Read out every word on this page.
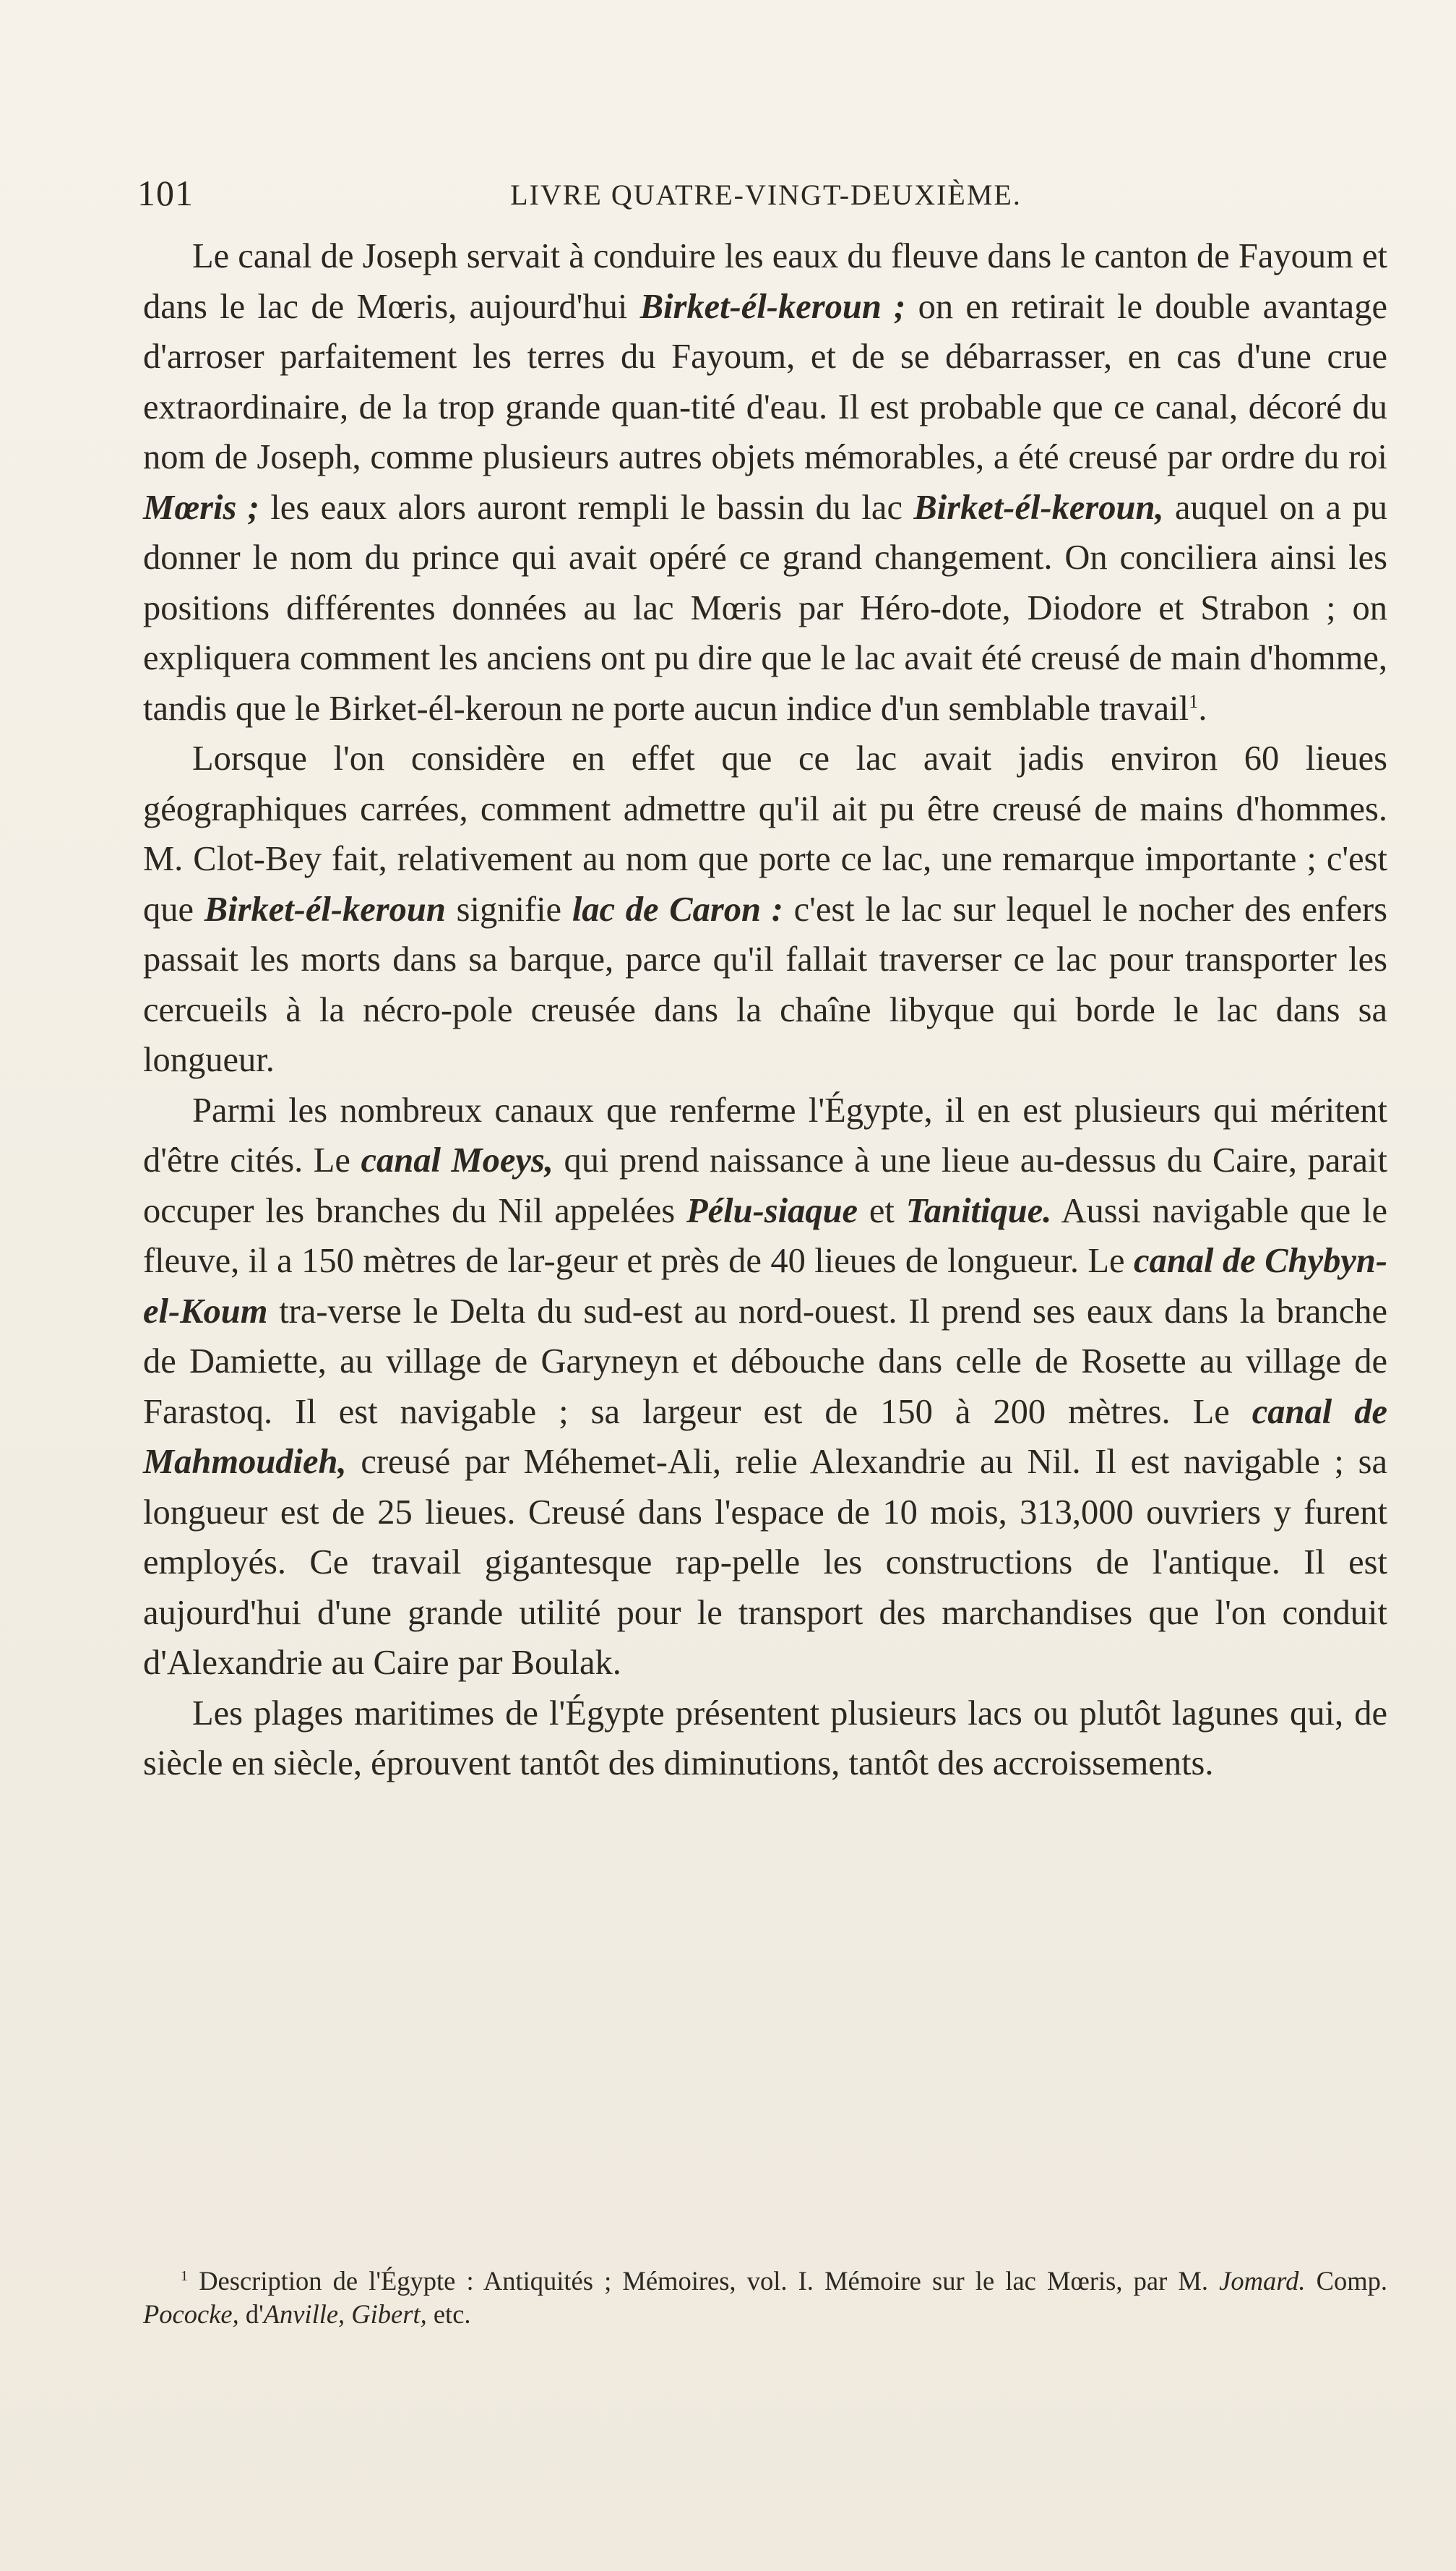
101	LIVRE QUATRE-VINGT-DEUXIÈME.

Le canal de Joseph servait à conduire les eaux du fleuve dans le canton de Fayoum et dans le lac de Mœris, aujourd'hui Birket-él-keroun ; on en retirait le double avantage d'arroser parfaitement les terres du Fayoum, et de se débarrasser, en cas d'une crue extraordinaire, de la trop grande quan-tité d'eau. Il est probable que ce canal, décoré du nom de Joseph, comme plusieurs autres objets mémorables, a été creusé par ordre du roi Mœris ; les eaux alors auront rempli le bassin du lac Birket-él-keroun, auquel on a pu donner le nom du prince qui avait opéré ce grand changement. On conciliera ainsi les positions différentes données au lac Mœris par Héro-dote, Diodore et Strabon ; on expliquera comment les anciens ont pu dire que le lac avait été creusé de main d'homme, tandis que le Birket-él-keroun ne porte aucun indice d'un semblable travail$^1$.

Lorsque l'on considère en effet que ce lac avait jadis environ 60 lieues géographiques carrées, comment admettre qu'il ait pu être creusé de mains d'hommes. M. Clot-Bey fait, relativement au nom que porte ce lac, une remarque importante ; c'est que Birket-él-keroun signifie lac de Caron : c'est le lac sur lequel le nocher des enfers passait les morts dans sa barque, parce qu'il fallait traverser ce lac pour transporter les cercueils à la nécro-pole creusée dans la chaîne libyque qui borde le lac dans sa longueur.

Parmi les nombreux canaux que renferme l'Égypte, il en est plusieurs qui méritent d'être cités. Le canal Moeys, qui prend naissance à une lieue au-dessus du Caire, parait occuper les branches du Nil appelées Pélu-siaque et Tanitique. Aussi navigable que le fleuve, il a 150 mètres de lar-geur et près de 40 lieues de longueur. Le canal de Chybyn-el-Koum tra-verse le Delta du sud-est au nord-ouest. Il prend ses eaux dans la branche de Damiette, au village de Garyneyn et débouche dans celle de Rosette au village de Farastoq. Il est navigable ; sa largeur est de 150 à 200 mètres. Le canal de Mahmoudieh, creusé par Méhemet-Ali, relie Alexandrie au Nil. Il est navigable ; sa longueur est de 25 lieues. Creusé dans l'espace de 10 mois, 313,000 ouvriers y furent employés. Ce travail gigantesque rap-pelle les constructions de l'antique. Il est aujourd'hui d'une grande utilité pour le transport des marchandises que l'on conduit d'Alexandrie au Caire par Boulak.

Les plages maritimes de l'Égypte présentent plusieurs lacs ou plutôt lagunes qui, de siècle en siècle, éprouvent tantôt des diminutions, tantôt des accroissements.

$^1$ Description de l'Égypte : Antiquités ; Mémoires, vol. I. Mémoire sur le lac Mœris, par M. Jomard. Comp. Pococke, d'Anville, Gibert, etc.
